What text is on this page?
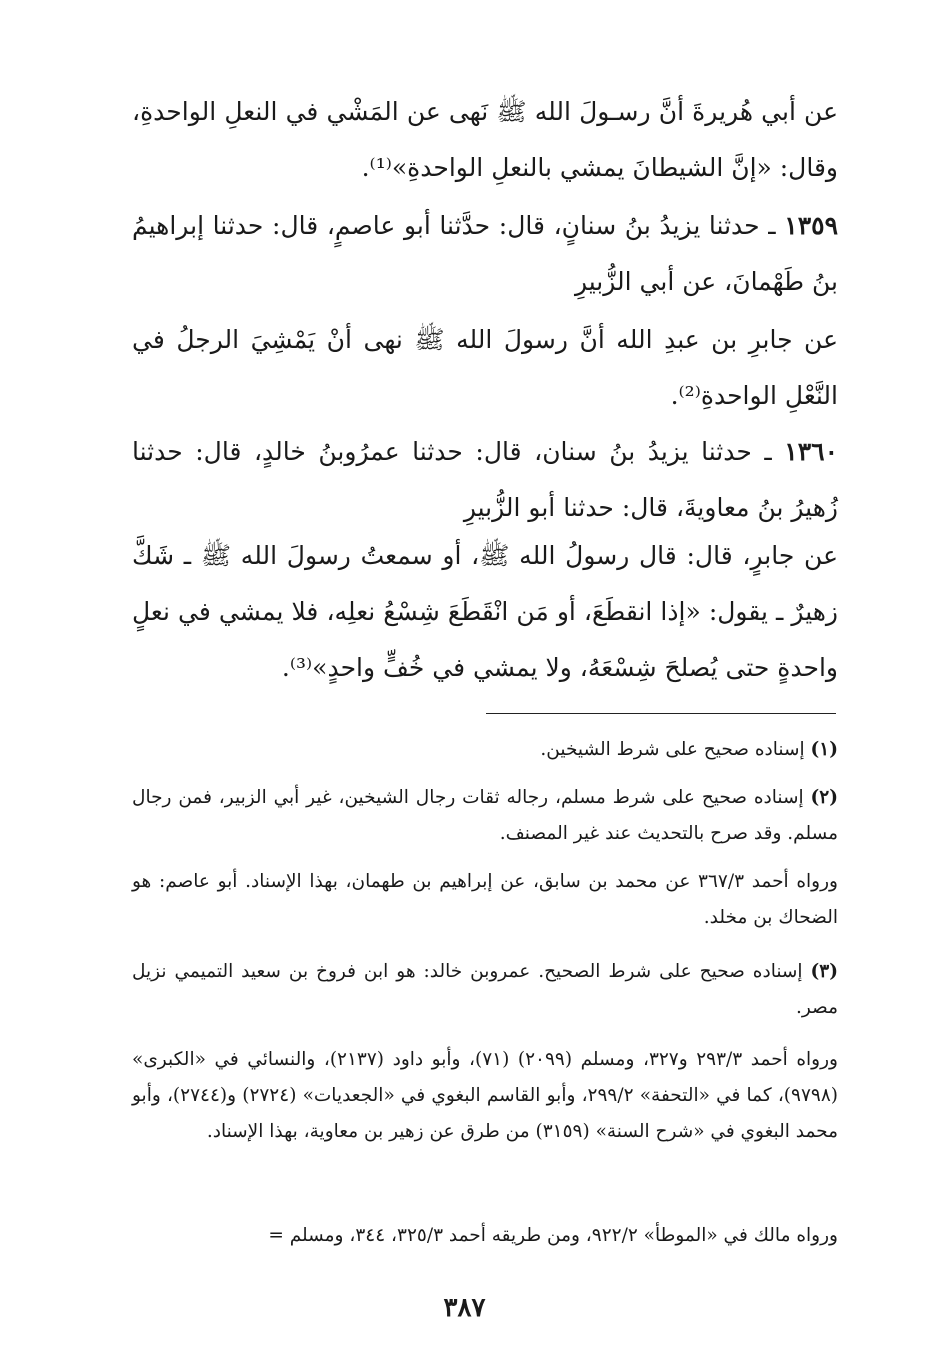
عن أبي هُريرةَ أنَّ رسـولَ الله ﷺ نَهى عن المَشْي في النعلِ الواحدةِ، وقال: «إنَّ الشيطانَ يمشي بالنعلِ الواحدةِ»⁽¹⁾.

١٣٥٩ ـ حدثنا يزيدُ بنُ سنانٍ، قال: حدَّثنا أبو عاصمٍ، قال: حدثنا إبراهيمُ بنُ طَهْمانَ، عن أبي الزُّبيرِ

عن جابرِ بن عبدِ الله أنَّ رسولَ الله ﷺ نهى أنْ يَمْشِيَ الرجلُ في النَّعْلِ الواحدةِ⁽²⁾.

١٣٦٠ ـ حدثنا يزيدُ بنُ سنان، قال: حدثنا عمرُوبنُ خالدٍ، قال: حدثنا زُهيرُ بنُ معاويةَ، قال: حدثنا أبو الزُّبيرِ

عن جابرٍ، قال: قال رسولُ الله ﷺ، أو سمعتُ رسولَ الله ﷺ ـ شَكَّ زهيرٌ ـ يقول: «إذا انقطَعَ، أو مَن انْقَطَعَ شِسْعُ نعلِه، فلا يمشي في نعلٍ واحدةٍ حتى يُصلحَ شِسْعَهُ، ولا يمشي في خُفٍّ واحدٍ»⁽³⁾.

(١) إسناده صحيح على شرط الشيخين.

(٢) إسناده صحيح على شرط مسلم، رجاله ثقات رجال الشيخين، غير أبي الزبير، فمن رجال مسلم. وقد صرح بالتحديث عند غير المصنف.

ورواه أحمد ٣٦٧/٣ عن محمد بن سابق، عن إبراهيم بن طهمان، بهذا الإسناد. أبو عاصم: هو الضحاك بن مخلد.

(٣) إسناده صحيح على شرط الصحيح. عمروبن خالد: هو ابن فروخ بن سعيد التميمي نزيل مصر.

ورواه أحمد ٢٩٣/٣ و٣٢٧، ومسلم (٢٠٩٩) (٧١)، وأبو داود (٢١٣٧)، والنسائي في «الكبرى» (٩٧٩٨)، كما في «التحفة» ٢٩٩/٢، وأبو القاسم البغوي في «الجعديات» (٢٧٢٤) و(٢٧٤٤)، وأبو محمد البغوي في «شرح السنة» (٣١٥٩) من طرق عن زهير بن معاوية، بهذا الإسناد.

ورواه مالك في «الموطأ» ٩٢٢/٢، ومن طريقه أحمد ٣٢٥/٣، ٣٤٤، ومسلم =

٣٨٧
